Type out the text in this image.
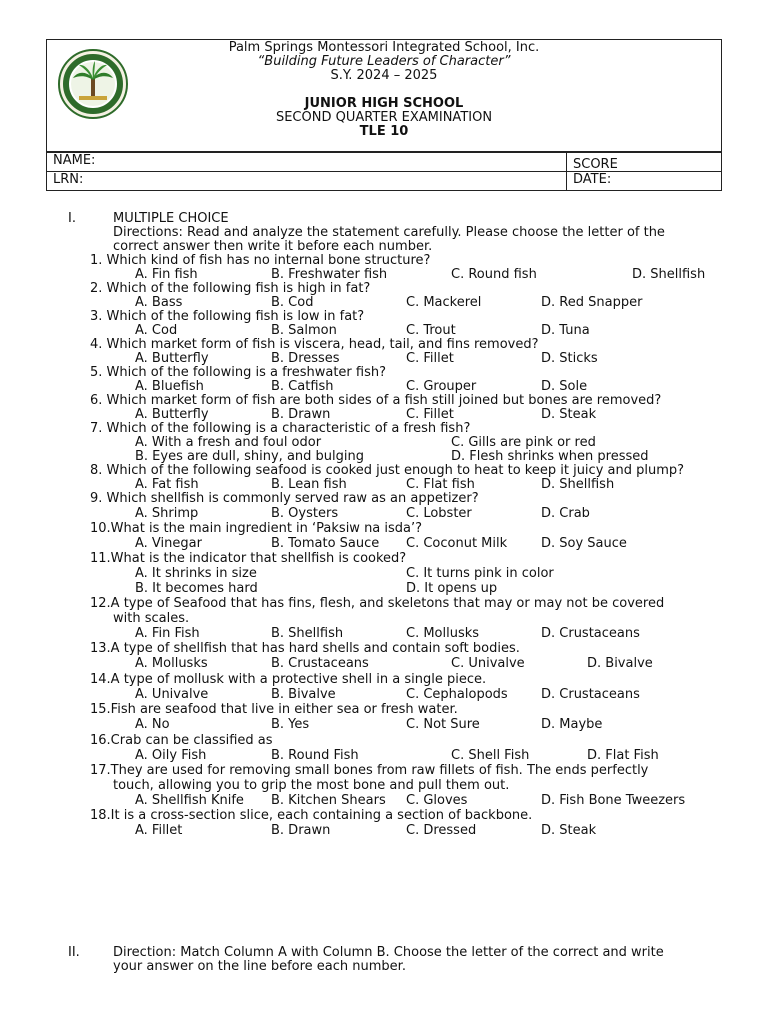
Palm Springs Montessori Integrated School, Inc.
“Building Future Leaders of Character”
S.Y. 2024 – 2025
JUNIOR HIGH SCHOOL
SECOND QUARTER EXAMINATION
TLE 10
NAME:	SCORE
LRN:	DATE:
I.	MULTIPLE CHOICE
Directions: Read and analyze the statement carefully. Please choose the letter of the
correct answer then write it before each number.
1. Which kind of fish has no internal bone structure?
A. Fin fish	B. Freshwater fish	C. Round fish	D. Shellfish
2. Which of the following fish is high in fat?
A. Bass	B. Cod	C. Mackerel	D. Red Snapper
3. Which of the following fish is low in fat?
A. Cod	B. Salmon	C. Trout	D. Tuna
4. Which market form of fish is viscera, head, tail, and fins removed?
A. Butterfly	B. Dresses	C. Fillet	D. Sticks
5. Which of the following is a freshwater fish?
A. Bluefish	B. Catfish	C. Grouper	D. Sole
6. Which market form of fish are both sides of a fish still joined but bones are removed?
A. Butterfly	B. Drawn	C. Fillet	D. Steak
7. Which of the following is a characteristic of a fresh fish?
A. With a fresh and foul odor	C. Gills are pink or red
B. Eyes are dull, shiny, and bulging	D. Flesh shrinks when pressed
8. Which of the following seafood is cooked just enough to heat to keep it juicy and plump?
A. Fat fish	B. Lean fish	C. Flat fish	D. Shellfish
9. Which shellfish is commonly served raw as an appetizer?
A. Shrimp	B. Oysters	C. Lobster	D. Crab
10.What is the main ingredient in ‘Paksiw na isda’?
A. Vinegar	B. Tomato Sauce C. Coconut Milk	D. Soy Sauce
11.What is the indicator that shellfish is cooked?
A. It shrinks in size	C. It turns pink in color
B. It becomes hard	D. It opens up
12.A type of Seafood that has fins, flesh, and skeletons that may or may not be covered
with scales.
A. Fin Fish	B. Shellfish	C. Mollusks	D. Crustaceans
13.A type of shellfish that has hard shells and contain soft bodies.
A. Mollusks	B. Crustaceans	C. Univalve	D. Bivalve
14.A type of mollusk with a protective shell in a single piece.
A. Univalve	B. Bivalve	C. Cephalopods	D. Crustaceans
15.Fish are seafood that live in either sea or fresh water.
A. No	B. Yes	C. Not Sure	D. Maybe
16.Crab can be classified as
A. Oily Fish	B. Round Fish	C. Shell Fish	D. Flat Fish
17.They are used for removing small bones from raw fillets of fish. The ends perfectly
touch, allowing you to grip the most bone and pull them out.
A. Shellfish Knife B. Kitchen Shears C. Gloves	D. Fish Bone Tweezers
18.It is a cross-section slice, each containing a section of backbone.
A. Fillet	B. Drawn	C. Dressed	D. Steak
II.	Direction: Match Column A with Column B. Choose the letter of the correct and write
your answer on the line before each number.
